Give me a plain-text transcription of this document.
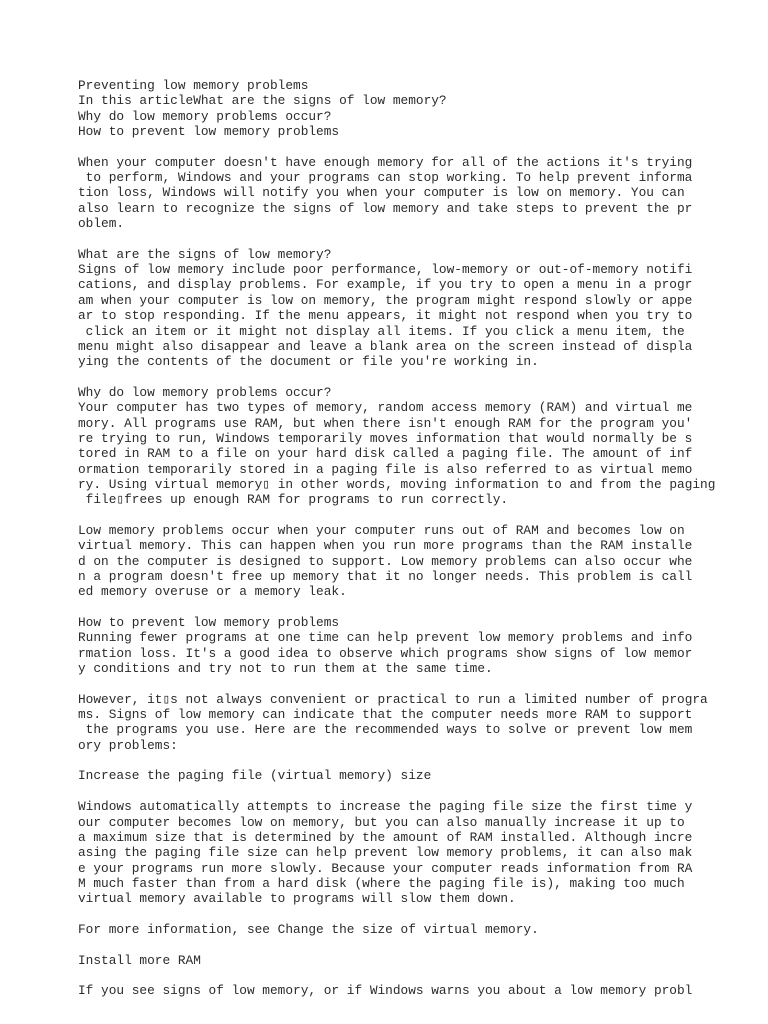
Preventing low memory problems
In this articleWhat are the signs of low memory?
Why do low memory problems occur?
How to prevent low memory problems
When your computer doesn't have enough memory for all of the actions it's trying
to perform, Windows and your programs can stop working. To help prevent informa
tion loss, Windows will notify you when your computer is low on memory. You can
also learn to recognize the signs of low memory and take steps to prevent the pr
oblem.
What are the signs of low memory?
Signs of low memory include poor performance, low-memory or out-of-memory notifi
cations, and display problems. For example, if you try to open a menu in a progr
am when your computer is low on memory, the program might respond slowly or appe
ar to stop responding. If the menu appears, it might not respond when you try to
click an item or it might not display all items. If you click a menu item, the
menu might also disappear and leave a blank area on the screen instead of displa
ying the contents of the document or file you're working in.
Why do low memory problems occur?
Your computer has two types of memory, random access memory (RAM) and virtual me
mory. All programs use RAM, but when there isn't enough RAM for the program you'
re trying to run, Windows temporarily moves information that would normally be s
tored in RAM to a file on your hard disk called a paging file. The amount of inf
ormation temporarily stored in a paging file is also referred to as virtual memo
ry. Using virtual memory▯ in other words, moving information to and from the paging
file▯frees up enough RAM for programs to run correctly.
Low memory problems occur when your computer runs out of RAM and becomes low on
virtual memory. This can happen when you run more programs than the RAM installe
d on the computer is designed to support. Low memory problems can also occur whe
n a program doesn't free up memory that it no longer needs. This problem is call
ed memory overuse or a memory leak.
How to prevent low memory problems
Running fewer programs at one time can help prevent low memory problems and info
rmation loss. It's a good idea to observe which programs show signs of low memor
y conditions and try not to run them at the same time.
However, it▯s not always convenient or practical to run a limited number of progra
ms. Signs of low memory can indicate that the computer needs more RAM to support
the programs you use. Here are the recommended ways to solve or prevent low mem
ory problems:
Increase the paging file (virtual memory) size
Windows automatically attempts to increase the paging file size the first time y
our computer becomes low on memory, but you can also manually increase it up to
a maximum size that is determined by the amount of RAM installed. Although incre
asing the paging file size can help prevent low memory problems, it can also mak
e your programs run more slowly. Because your computer reads information from RA
M much faster than from a hard disk (where the paging file is), making too much
virtual memory available to programs will slow them down.
For more information, see Change the size of virtual memory.
Install more RAM
If you see signs of low memory, or if Windows warns you about a low memory probl
